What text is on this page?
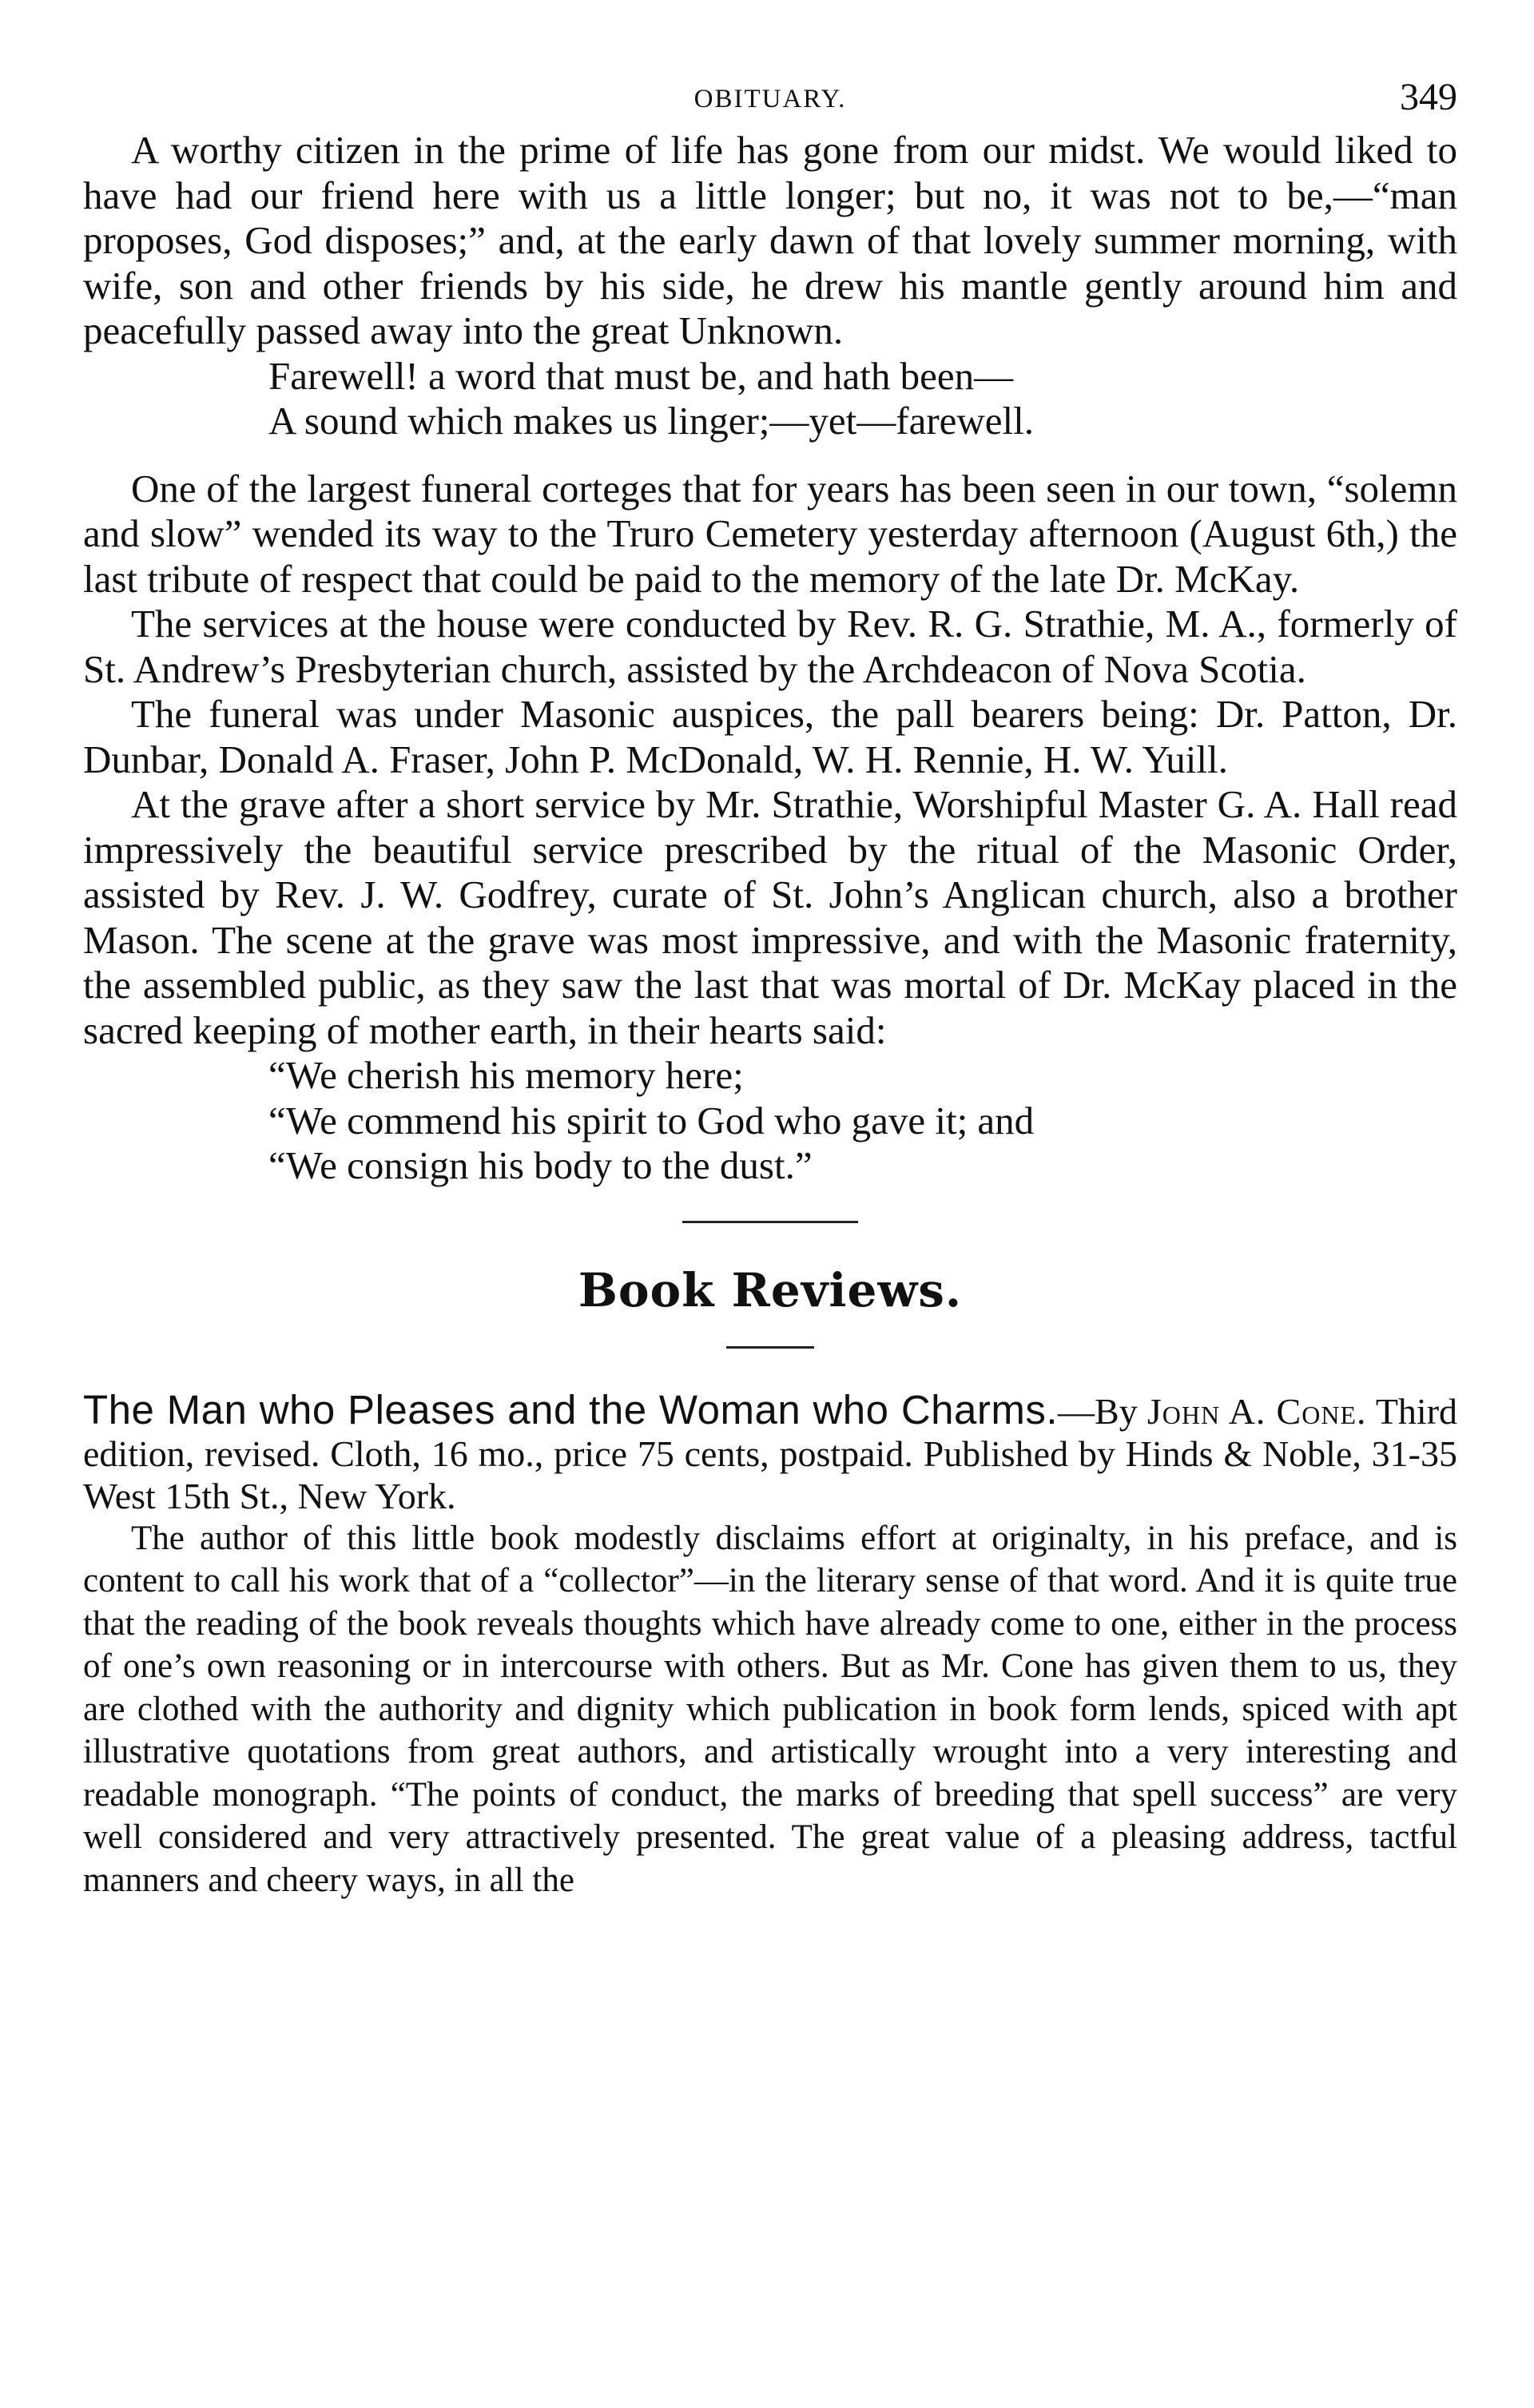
OBITUARY.	349

A worthy citizen in the prime of life has gone from our midst. We would liked to have had our friend here with us a little longer; but no, it was not to be,—“man proposes, God disposes;” and, at the early dawn of that lovely summer morning, with wife, son and other friends by his side, he drew his mantle gently around him and peacefully passed away into the great Unknown.

Farewell! a word that must be, and hath been—
A sound which makes us linger;—yet—farewell.

One of the largest funeral corteges that for years has been seen in our town, “solemn and slow” wended its way to the Truro Cemetery yesterday afternoon (August 6th,) the last tribute of respect that could be paid to the memory of the late Dr. McKay.

The services at the house were conducted by Rev. R. G. Strathie, M. A., formerly of St. Andrew’s Presbyterian church, assisted by the Archdeacon of Nova Scotia.

The funeral was under Masonic auspices, the pall bearers being: Dr. Patton, Dr. Dunbar, Donald A. Fraser, John P. McDonald, W. H. Rennie, H. W. Yuill.

At the grave after a short service by Mr. Strathie, Worshipful Master G. A. Hall read impressively the beautiful service prescribed by the ritual of the Masonic Order, assisted by Rev. J. W. Godfrey, curate of St. John’s Anglican church, also a brother Mason. The scene at the grave was most impressive, and with the Masonic fraternity, the assembled public, as they saw the last that was mortal of Dr. McKay placed in the sacred keeping of mother earth, in their hearts said:

“We cherish his memory here;
“We commend his spirit to God who gave it; and
“We consign his body to the dust.”
Book Reviews.

The Man who Pleases and the Woman who Charms.—By John A. Cone. Third edition, revised. Cloth, 16 mo., price 75 cents, postpaid. Published by Hinds & Noble, 31-35 West 15th St., New York.

The author of this little book modestly disclaims effort at originalty, in his preface, and is content to call his work that of a “collector”—in the literary sense of that word. And it is quite true that the reading of the book reveals thoughts which have already come to one, either in the process of one’s own reasoning or in intercourse with others. But as Mr. Cone has given them to us, they are clothed with the authority and dignity which publication in book form lends, spiced with apt illustrative quotations from great authors, and artistically wrought into a very interesting and readable monograph. “The points of conduct, the marks of breeding that spell success” are very well considered and very attractively presented. The great value of a pleasing address, tactful manners and cheery ways, in all the
